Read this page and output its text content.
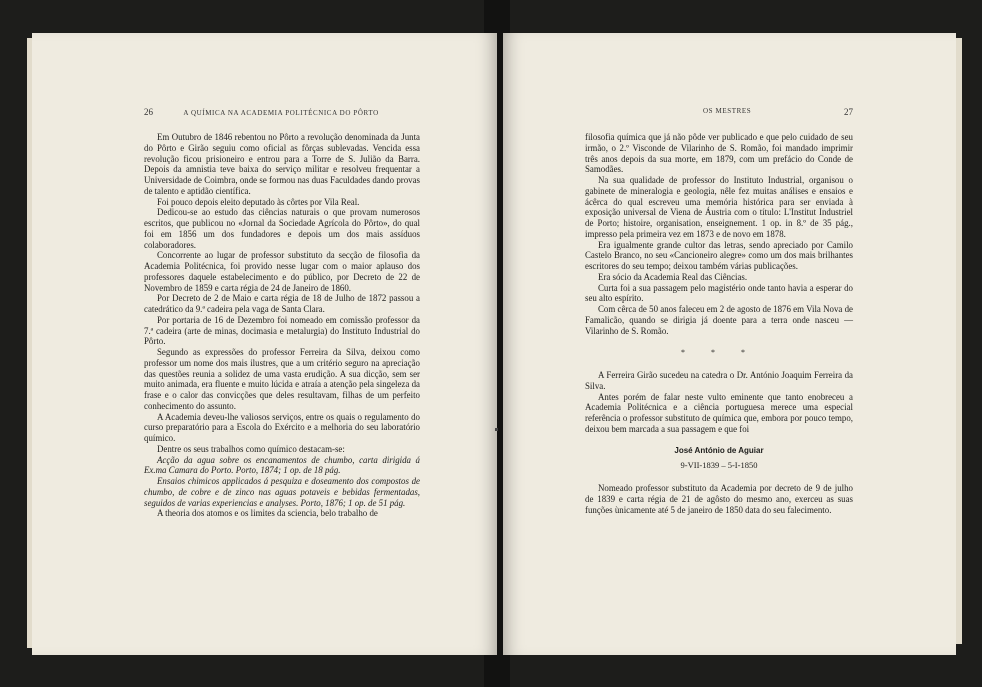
26	A QUÍMICA NA ACADEMIA POLITÉCNICA DO PÔRTO

Em Outubro de 1846 rebentou no Pôrto a revolução denominada da Junta do Pôrto e Girão seguiu como oficial as fôrças sublevadas. Vencida essa revolução ficou prisioneiro e entrou para a Torre de S. Julião da Barra. Depois da amnistia teve baixa do serviço militar e resolveu frequentar a Universidade de Coimbra, onde se formou nas duas Faculdades dando provas de talento e aptidão científica.

Foi pouco depois eleito deputado às côrtes por Vila Real.

Dedicou-se ao estudo das ciências naturais o que provam numerosos escritos, que publicou no «Jornal da Sociedade Agrícola do Pôrto», do qual foi em 1856 um dos fundadores e depois um dos mais assíduos colaboradores.

Concorrente ao lugar de professor substituto da secção de filosofia da Academia Politécnica, foi provido nesse lugar com o maior aplauso dos professores daquele estabelecimento e do público, por Decreto de 22 de Novembro de 1859 e carta régia de 24 de Janeiro de 1860.

Por Decreto de 2 de Maio e carta régia de 18 de Julho de 1872 passou a catedrático da 9.ª cadeira pela vaga de Santa Clara.

Por portaria de 16 de Dezembro foi nomeado em comissão professor da 7.ª cadeira (arte de minas, docimasia e metalurgia) do Instituto Industrial do Pôrto.

Segundo as expressões do professor Ferreira da Silva, deixou como professor um nome dos mais ilustres, que a um critério seguro na apreciação das questões reunia a solidez de uma vasta erudição. A sua dicção, sem ser muito animada, era fluente e muito lúcida e atraía a atenção pela singeleza da frase e o calor das convicções que deles resultavam, filhas de um perfeito conhecimento do assunto.

A Academia deveu-lhe valiosos serviços, entre os quais o regulamento do curso preparatório para a Escola do Exército e a melhoria do seu laboratório químico.

Dentre os seus trabalhos como químico destacam-se:

Acção da agua sobre os encanamentos de chumbo, carta dirigida á Ex.ma Camara do Porto. Porto, 1874; 1 op. de 18 pág.

Ensaios chimicos applicados á pesquiza e doseamento dos compostos de chumbo, de cobre e de zinco nas aguas potaveis e bebidas fermentadas, seguidos de varias experiencias e analyses. Porto, 1876; 1 op. de 51 pág.

A theoria dos atomos e os limites da sciencia, belo trabalho de

OS MESTRES	27

filosofia química que já não pôde ver publicado e que pelo cuidado de seu irmão, o 2.º Visconde de Vilarinho de S. Romão, foi mandado imprimir três anos depois da sua morte, em 1879, com um prefácio do Conde de Samodães.

Na sua qualidade de professor do Instituto Industrial, organisou o gabinete de mineralogia e geologia, nêle fez muitas análises e ensaios e ácêrca do qual escreveu uma memória histórica para ser enviada à exposição universal de Viena de Áustria com o título: L'Institut Industriel de Porto; histoire, organisation, enseignement. 1 op. in 8.º de 35 pág., impresso pela primeira vez em 1873 e de novo em 1878.

Era igualmente grande cultor das letras, sendo apreciado por Camilo Castelo Branco, no seu «Cancioneiro alegre» como um dos mais brilhantes escritores do seu tempo; deixou também várias publicações.

Era sócio da Academia Real das Ciências.

Curta foi a sua passagem pelo magistério onde tanto havia a esperar do seu alto espírito.

Com cêrca de 50 anos faleceu em 2 de agosto de 1876 em Vila Nova de Famalicão, quando se dirigia já doente para a terra onde nasceu — Vilarinho de S. Romão.

* * *

A Ferreira Girão sucedeu na catedra o Dr. António Joaquim Ferreira da Silva.

Antes porém de falar neste vulto eminente que tanto enobreceu a Academia Politécnica e a ciência portuguesa merece uma especial referência o professor substituto de química que, embora por pouco tempo, deixou bem marcada a sua passagem e que foi

José António de Aguiar
9-VII-1839 – 5-I-1850

Nomeado professor substituto da Academia por decreto de 9 de julho de 1839 e carta régia de 21 de agôsto do mesmo ano, exerceu as suas funções ùnicamente até 5 de janeiro de 1850 data do seu falecimento.
